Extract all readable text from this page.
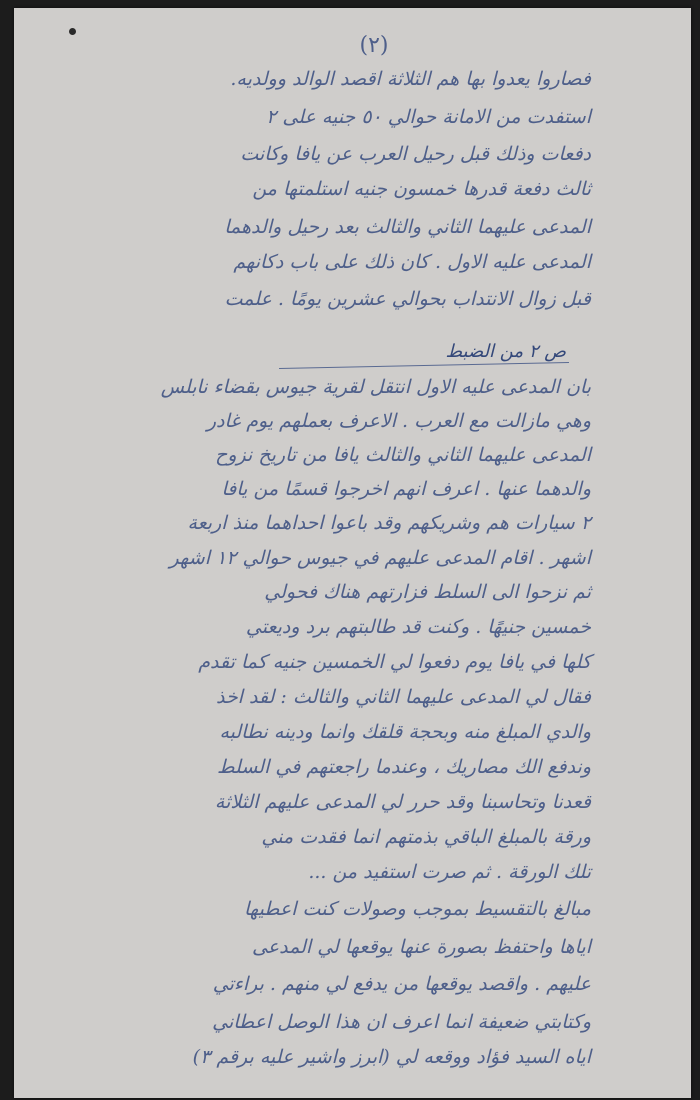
(٢)
فصاروا يعدوا بها هم الثلاثة اقصد الوالد وولديه.
استفدت من الامانة حوالي ٥٠ جنيه على ٢
دفعات وذلك قبل رحيل العرب عن يافا وكانت
ثالث دفعة قدرها خمسون جنيه استلمتها من
المدعى عليهما الثاني والثالث بعد رحيل والدهما
المدعى عليه الاول . كان ذلك على باب دكانهم
قبل زوال الانتداب بحوالي عشرين يومًا . علمت
ص ٢ من الضبط
بان المدعى عليه الاول انتقل لقرية جيوس بقضاء نابلس
وهي مازالت مع العرب . الاعرف بعملهم يوم غادر
المدعى عليهما الثاني والثالث يافا من تاريخ نزوح
والدهما عنها . اعرف انهم اخرجوا قسمًا من يافا
٢ سيارات هم وشريكهم وقد باعوا احداهما منذ اربعة
اشهر . اقام المدعى عليهم في جيوس حوالي ١٢ اشهر
ثم نزحوا الى السلط فزارتهم هناك فحولي
خمسين جنيهًا . وكنت قد طالبتهم برد وديعتي
كلها في يافا يوم دفعوا لي الخمسين جنيه كما تقدم
فقال لي المدعى عليهما الثاني والثالث : لقد اخذ
والدي المبلغ منه وبحجة قلقك وانما ودينه نطالبه
وندفع الك مصاريك ، وعندما راجعتهم في السلط
قعدنا وتحاسبنا وقد حرر لي المدعى عليهم الثلاثة
ورقة بالمبلغ الباقي بذمتهم انما فقدت مني
تلك الورقة . ثم صرت استفيد من ...
مبالغ بالتقسيط بموجب وصولات كنت اعطيها
اياها واحتفظ بصورة عنها يوقعها لي المدعى
عليهم . واقصد يوقعها من يدفع لي منهم . براءتي
وكتابتي ضعيفة انما اعرف ان هذا الوصل اعطاني
اياه السيد فؤاد ووقعه لي (ابرز واشير عليه برقم ٣)
